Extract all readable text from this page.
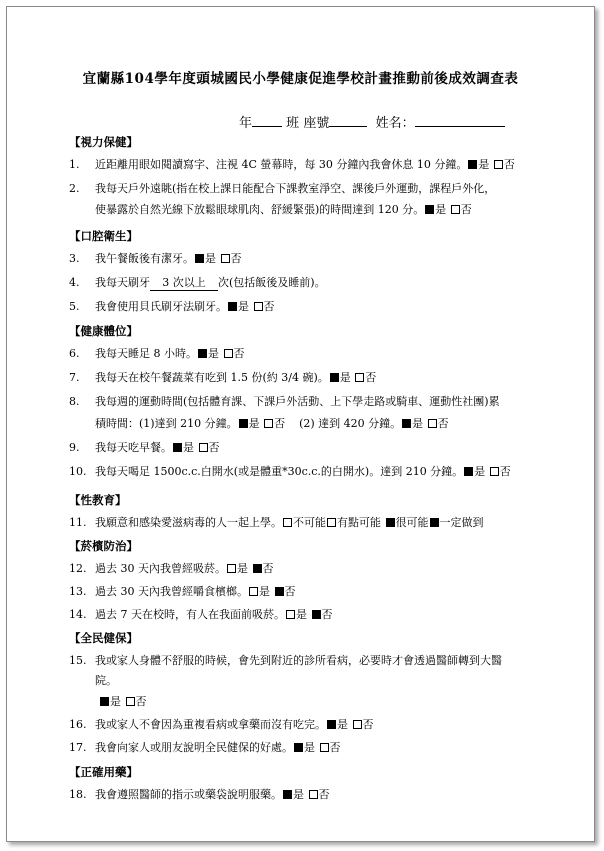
宜蘭縣104學年度頭城國民小學健康促進學校計畫推動前後成效調查表
年	班 座號	姓名：
【視力保健】
1. 近距離用眼如閱讀寫字、注視 4C 螢幕時，每 30 分鐘內我會休息 10 分鐘。 是 否
2. 我每天戶外遠眺(指在校上課日能配合下課教室淨空、課後戶外運動，課程戶外化，
使暴露於自然光線下放鬆眼球肌肉、舒緩緊張)的時間達到 120 分。 是 否
【口腔衛生】
3. 我午餐飯後有潔牙。 是 否
4. 我每天刷牙 3 次以上 次(包括飯後及睡前)。
5. 我會使用貝氏刷牙法刷牙。 是 否
【健康體位】
6. 我每天睡足 8 小時。 是 否
7. 我每天在校午餐蔬菜有吃到 1.5 份(約 3/4 碗)。 是 否
8. 我每週的運動時間(包括體育課、下課戶外活動、上下學走路或騎車、運動性社團)累
積時間：(1)達到 210 分鐘。 是 否 (2) 達到 420 分鐘。 是 否
9. 我每天吃早餐。 是 否
10. 我每天喝足 1500c.c.白開水(或是體重*30c.c.的白開水)。達到 210 分鐘。 是 否
【性教育】
11. 我願意和感染愛滋病毒的人一起上學。 不可能 有點可能 很可能 一定做到
【菸檳防治】
12. 過去 30 天內我曾經吸菸。 是 否
13. 過去 30 天內我曾經嚼食檳榔。 是 否
14. 過去 7 天在校時，有人在我面前吸菸。 是 否
【全民健保】
15. 我或家人身體不舒服的時候，會先到附近的診所看病，必要時才會透過醫師轉到大醫
院。
是 否
16. 我或家人不會因為重複看病或拿藥而沒有吃完。 是 否
17. 我會向家人或朋友說明全民健保的好處。 是 否
【正確用藥】
18. 我會遵照醫師的指示或藥袋說明服藥。 是 否
